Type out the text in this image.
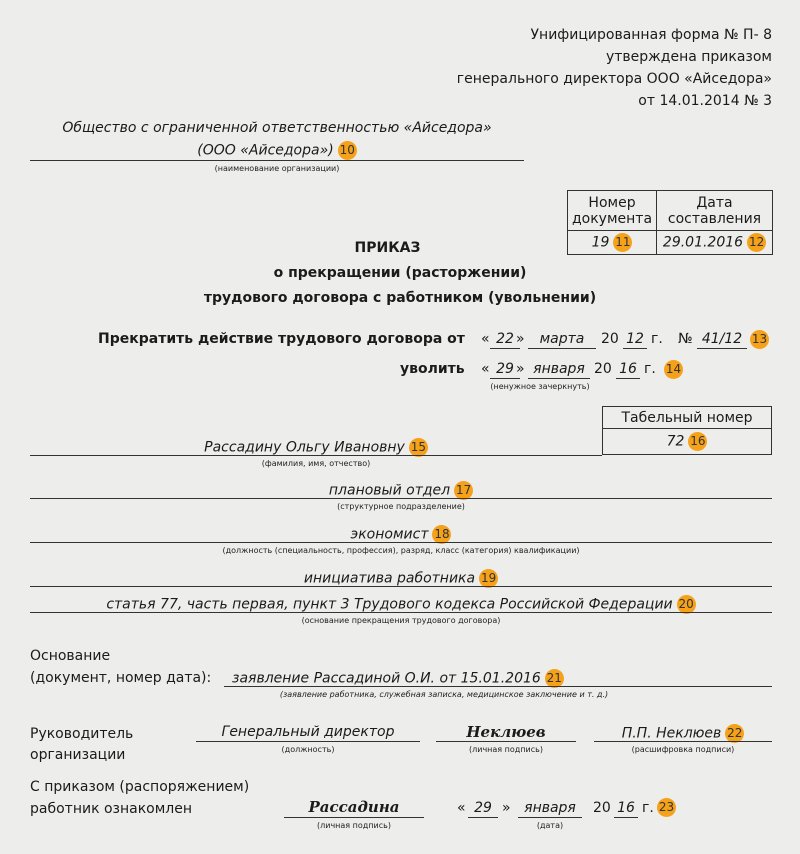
Унифицированная форма № П- 8
утверждена приказом
генерального директора ООО «Айседора»
от 14.01.2014 № 3
Общество с ограниченной ответственностью «Айседора»
(ООО «Айседора») 10
(наименование организации)
Номер
документа	Дата
составления
19 11	29.01.2016 12
ПРИКАЗ
о прекращении (расторжении)
трудового договора с работником (увольнении)
Прекратить действие трудового договора от « 22 »	марта	20 12 г. № 41/12 13
уволить « 29 » января 20 16 г. 14
(ненужное зачеркнуть)
Табельный номер
72 16
Рассадину Ольгу Ивановну 15
(фамилия, имя, отчество)
плановый отдел 17
(структурное подразделение)
экономист 18
(должность (специальность, профессия), разряд, класс (категория) квалификации)
инициатива работника 19
статья 77, часть первая, пункт 3 Трудового кодекса Российской Федерации 20
(основание прекращения трудового договора)
Основание
(документ, номер дата): заявление Рассадиной О.И. от 15.01.2016 21
(заявление работника, служебная записка, медицинское заключение и т. д.)
Руководитель
организации
Генеральный директор
(должность)
Неклюев
(личная подпись)
П.П. Неклюев 22
(расшифровка подписи)
С приказом (распоряжением)
работник ознакомлен	Рассадина
(личная подпись)
« 29 » января
(дата)
20 16 г. 23
